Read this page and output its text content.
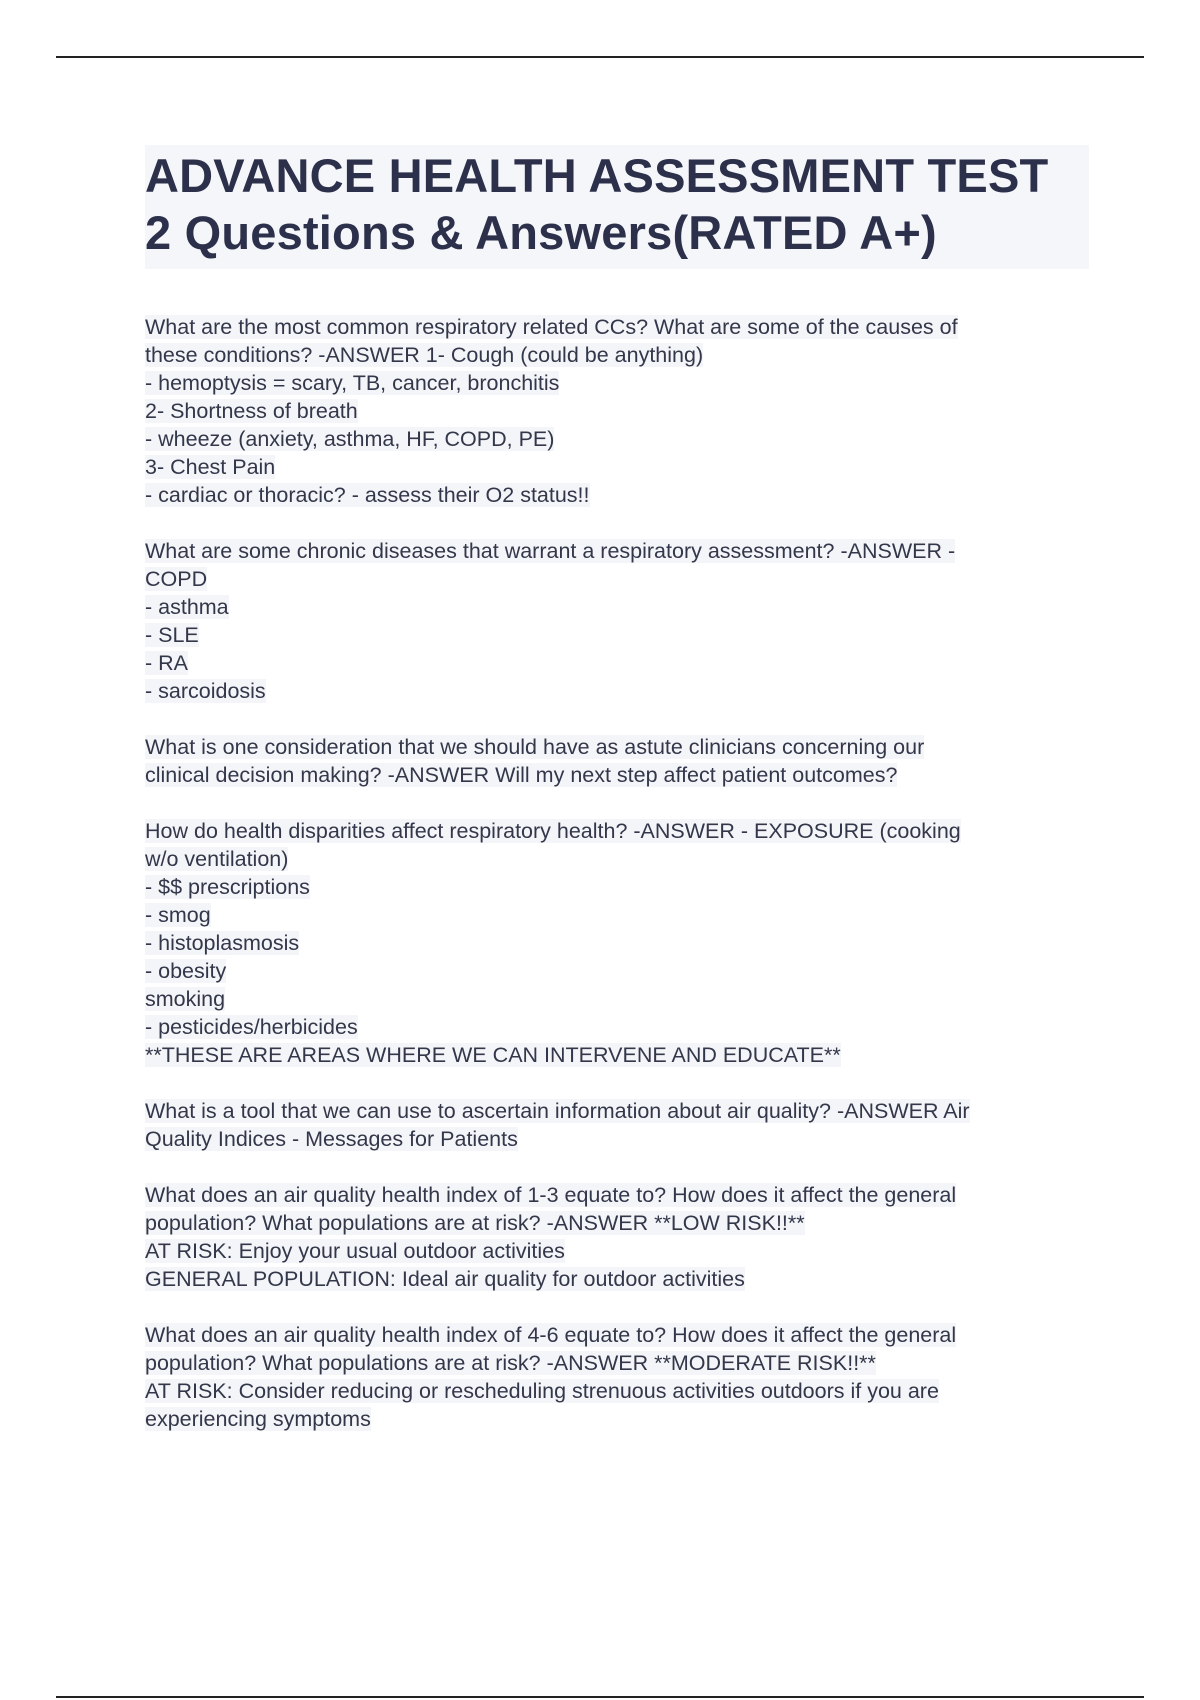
ADVANCE HEALTH ASSESSMENT TEST
2 Questions & Answers(RATED A+)
What are the most common respiratory related CCs? What are some of the causes of
these conditions? -ANSWER 1- Cough (could be anything)
- hemoptysis = scary, TB, cancer, bronchitis
2- Shortness of breath
- wheeze (anxiety, asthma, HF, COPD, PE)
3- Chest Pain
- cardiac or thoracic? - assess their O2 status!!
What are some chronic diseases that warrant a respiratory assessment? -ANSWER -
COPD
- asthma
- SLE
- RA
- sarcoidosis
What is one consideration that we should have as astute clinicians concerning our
clinical decision making? -ANSWER Will my next step affect patient outcomes?
How do health disparities affect respiratory health? -ANSWER - EXPOSURE (cooking
w/o ventilation)
- $$ prescriptions
- smog
- histoplasmosis
- obesity
smoking
- pesticides/herbicides
**THESE ARE AREAS WHERE WE CAN INTERVENE AND EDUCATE**
What is a tool that we can use to ascertain information about air quality? -ANSWER Air
Quality Indices - Messages for Patients
What does an air quality health index of 1-3 equate to? How does it affect the general
population? What populations are at risk? -ANSWER **LOW RISK!!**
AT RISK: Enjoy your usual outdoor activities
GENERAL POPULATION: Ideal air quality for outdoor activities
What does an air quality health index of 4-6 equate to? How does it affect the general
population? What populations are at risk? -ANSWER **MODERATE RISK!!**
AT RISK: Consider reducing or rescheduling strenuous activities outdoors if you are
experiencing symptoms
